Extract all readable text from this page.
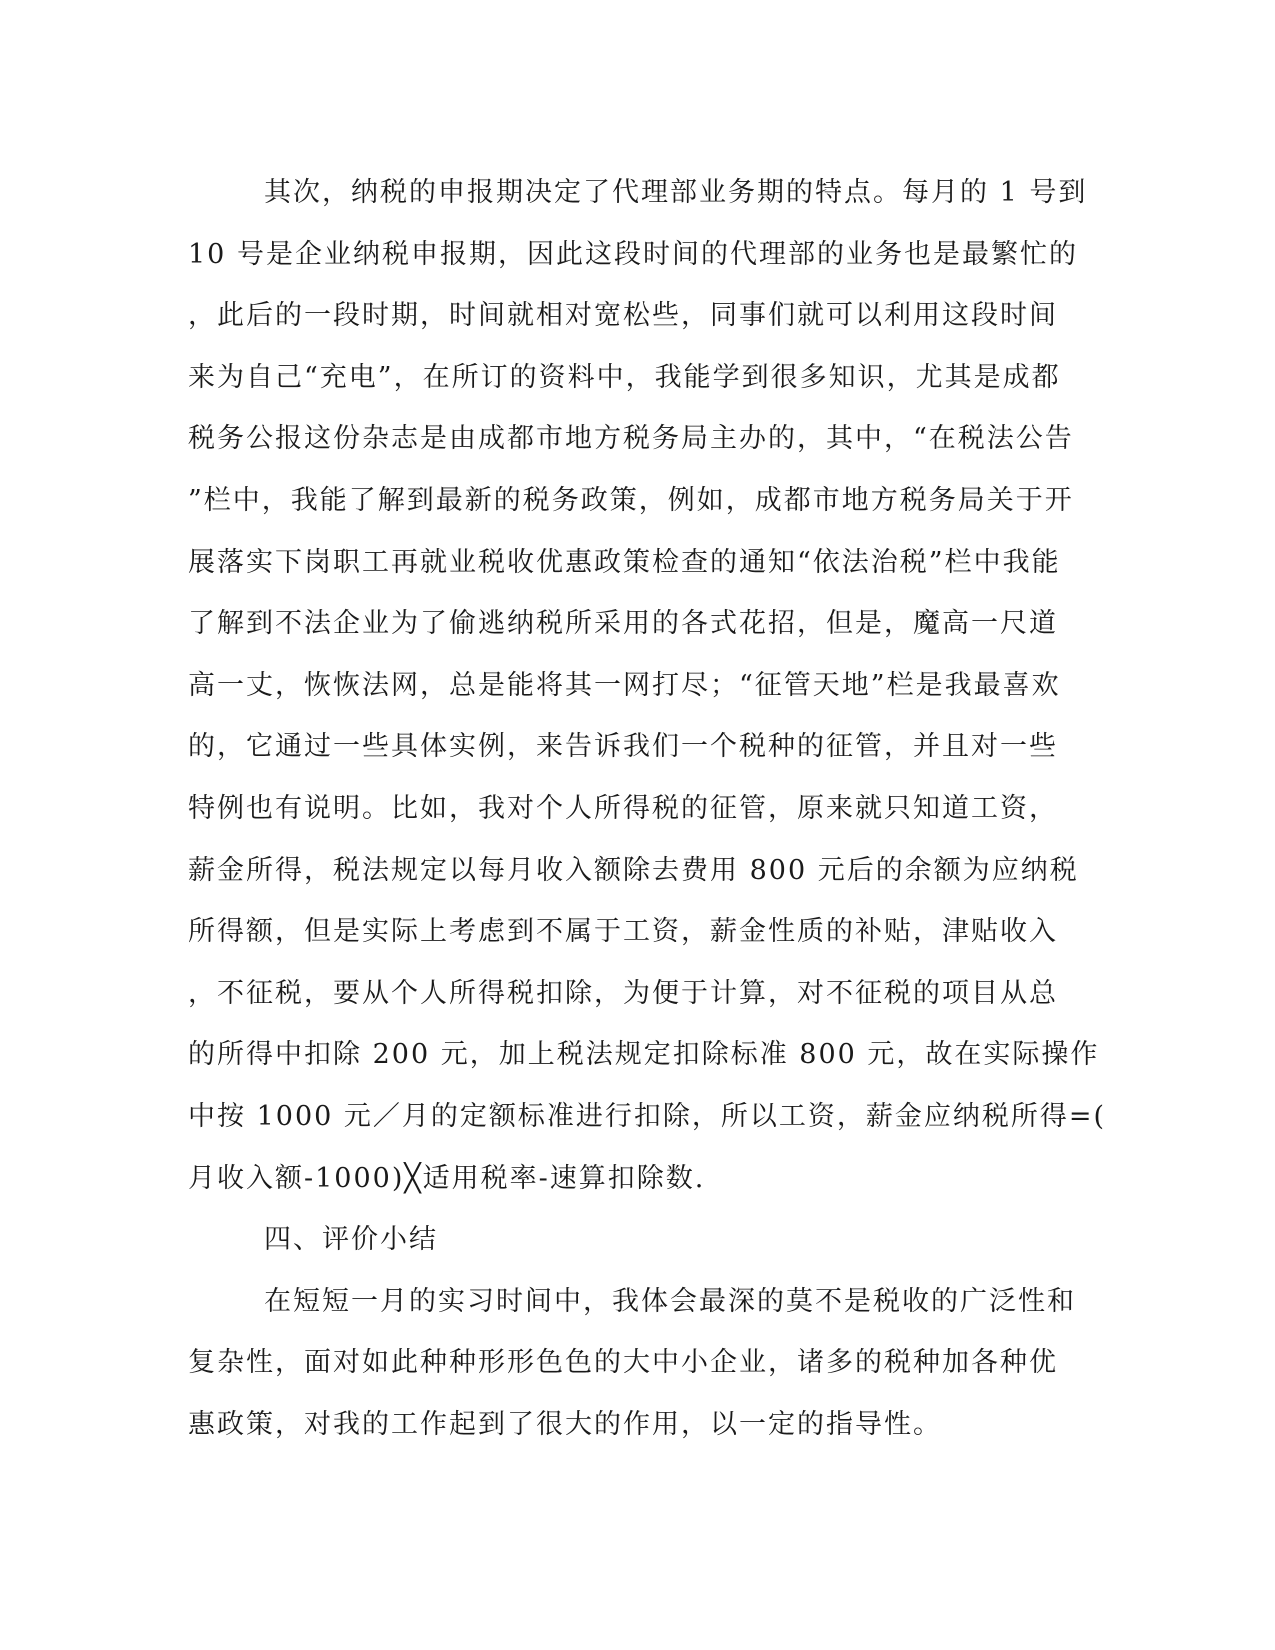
其次，纳税的申报期决定了代理部业务期的特点。每月的 1 号到
10 号是企业纳税申报期，因此这段时间的代理部的业务也是最繁忙的
，此后的一段时期，时间就相对宽松些，同事们就可以利用这段时间
来为自己“充电”，在所订的资料中，我能学到很多知识，尤其是成都
税务公报这份杂志是由成都市地方税务局主办的，其中，“在税法公告
”栏中，我能了解到最新的税务政策，例如，成都市地方税务局关于开
展落实下岗职工再就业税收优惠政策检查的通知“依法治税”栏中我能
了解到不法企业为了偷逃纳税所采用的各式花招，但是，魔高一尺道
高一丈，恢恢法网，总是能将其一网打尽；“征管天地”栏是我最喜欢
的，它通过一些具体实例，来告诉我们一个税种的征管，并且对一些
特例也有说明。比如，我对个人所得税的征管，原来就只知道工资，
薪金所得，税法规定以每月收入额除去费用 800 元后的余额为应纳税
所得额，但是实际上考虑到不属于工资，薪金性质的补贴，津贴收入
，不征税，要从个人所得税扣除，为便于计算，对不征税的项目从总
的所得中扣除 200 元，加上税法规定扣除标准 800 元，故在实际操作
中按 1000 元／月的定额标准进行扣除，所以工资，薪金应纳税所得=(
月收入额-1000)╳适用税率-速算扣除数.
四、评价小结
在短短一月的实习时间中，我体会最深的莫不是税收的广泛性和
复杂性，面对如此种种形形色色的大中小企业，诸多的税种加各种优
惠政策，对我的工作起到了很大的作用，以一定的指导性。
